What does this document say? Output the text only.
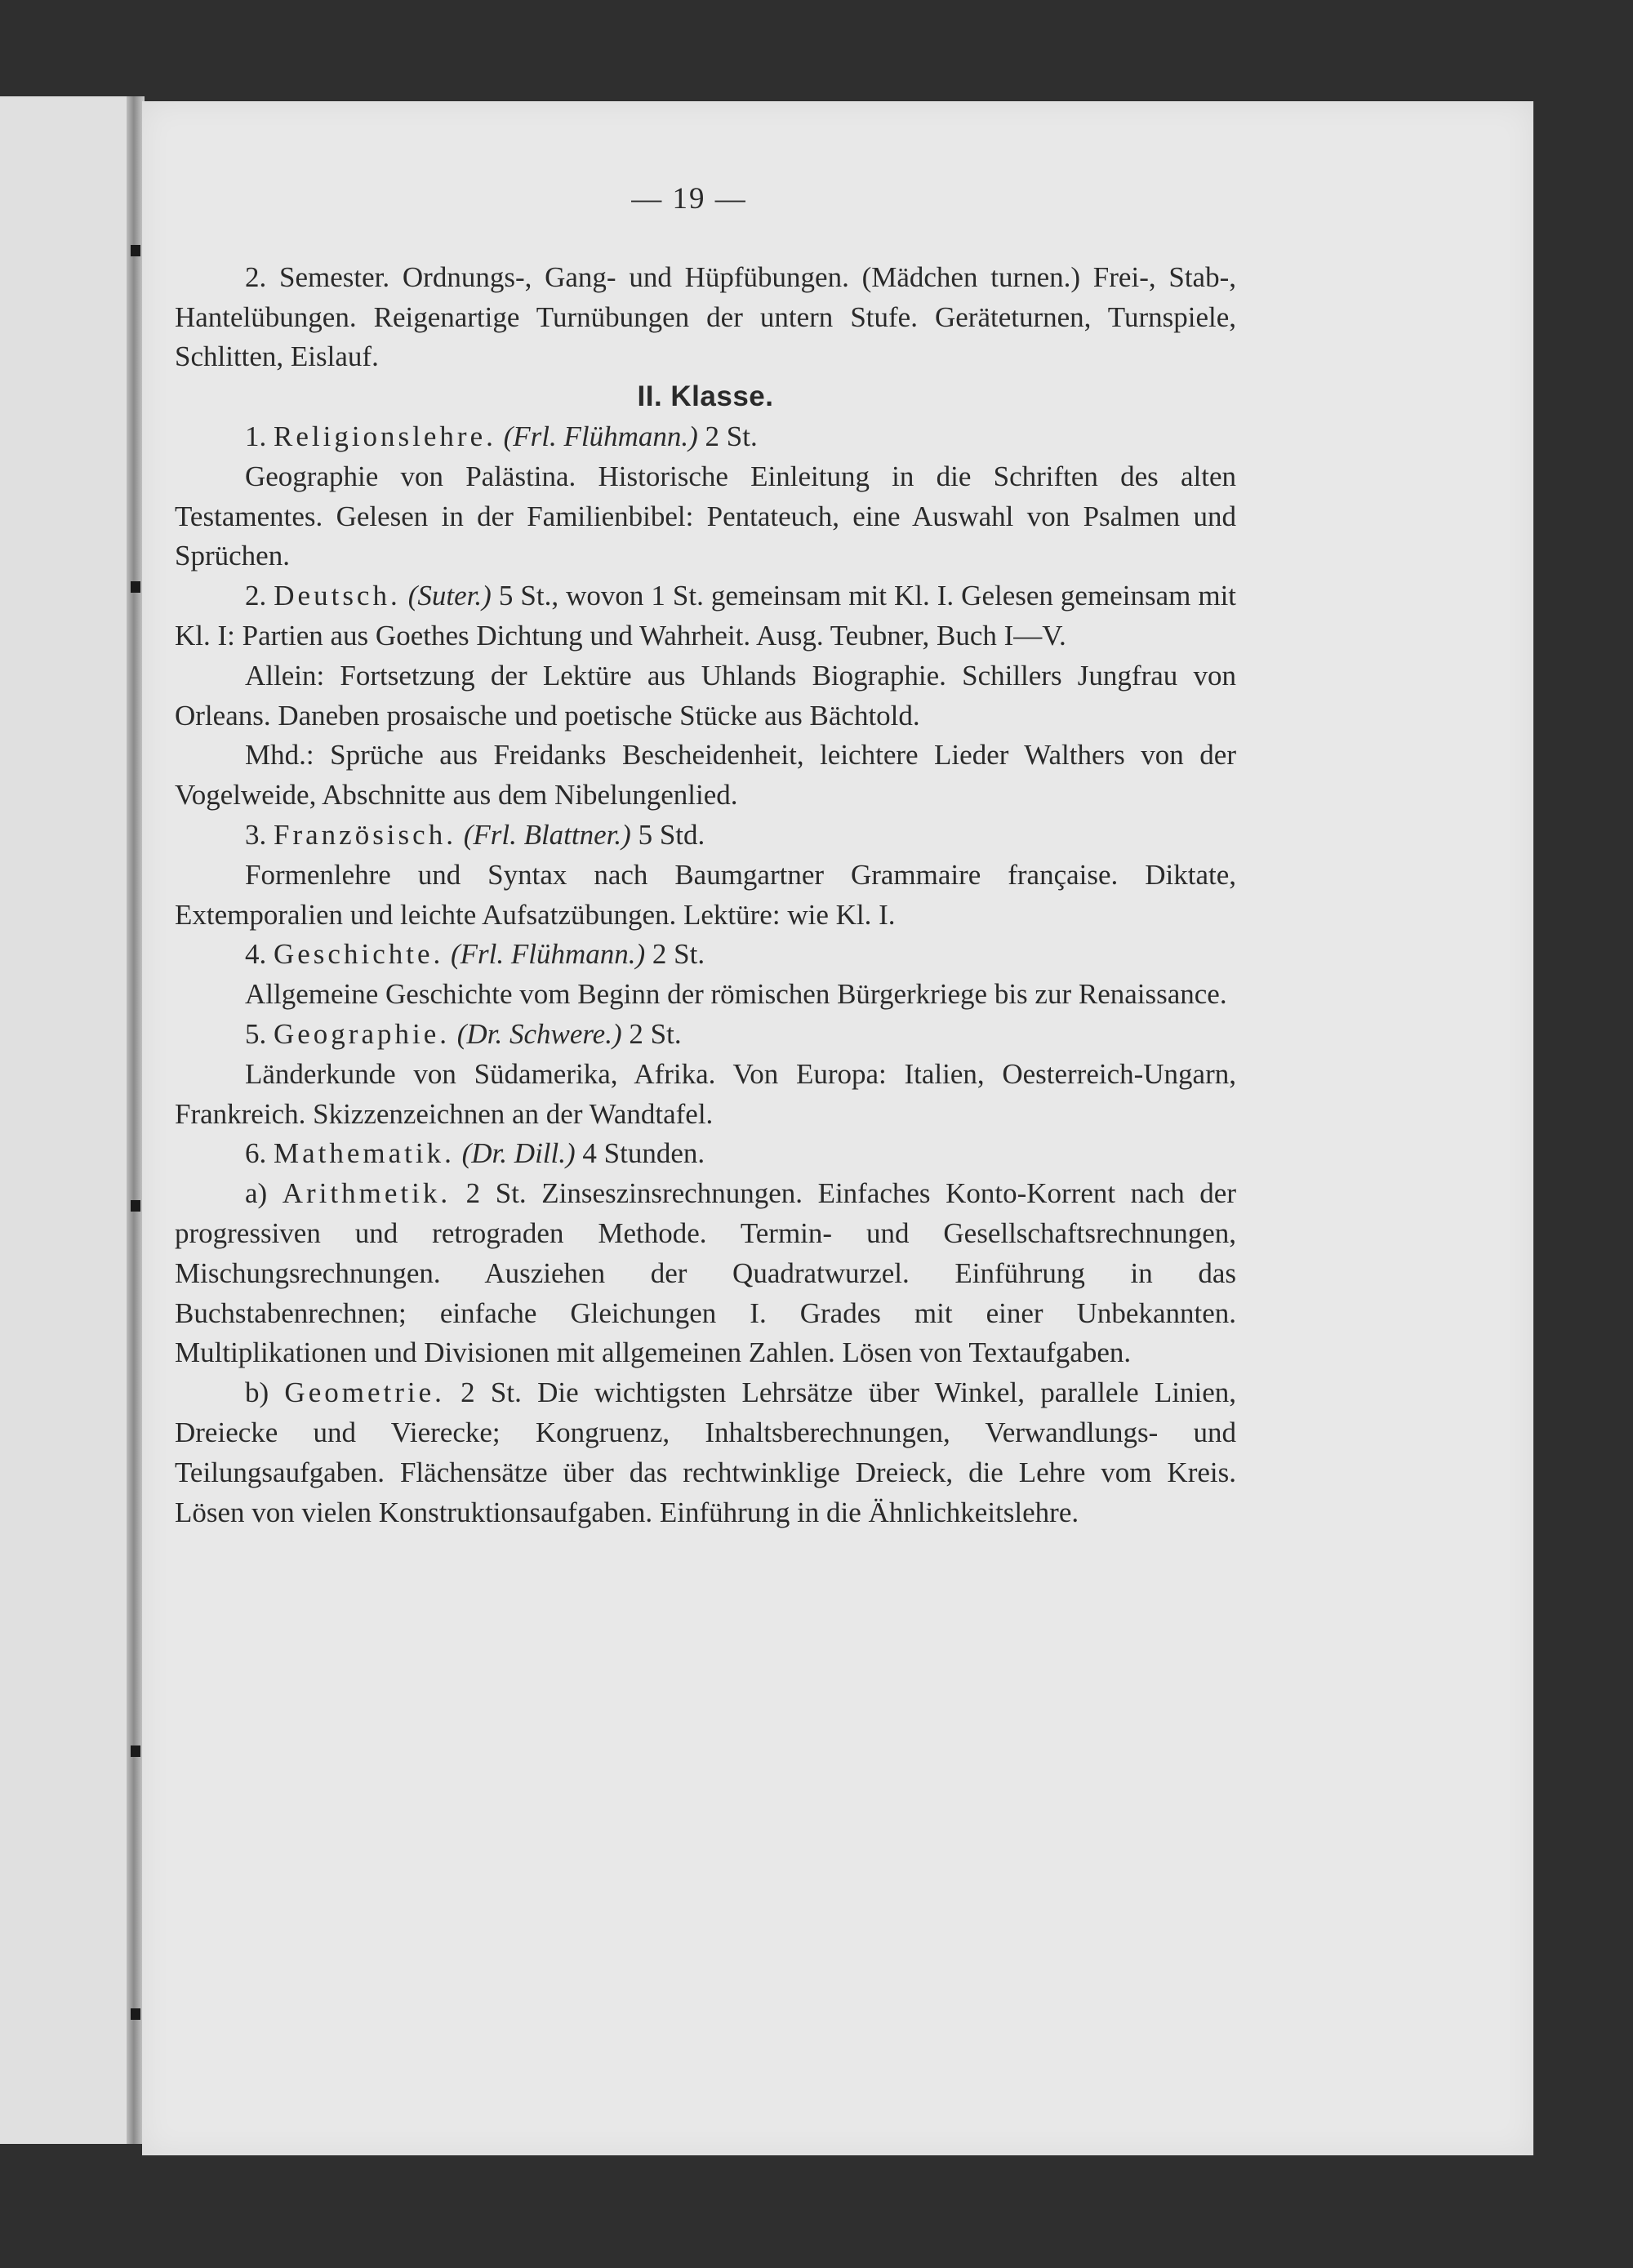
— 19 —

2. Semester. Ordnungs-, Gang- und Hüpfübungen. (Mädchen turnen.) Frei-, Stab-, Hantelübungen. Reigenartige Turnübungen der untern Stufe. Geräteturnen, Turnspiele, Schlitten, Eislauf.

II. Klasse.

1. Religionslehre. (Frl. Flühmann.) 2 St.

Geographie von Palästina. Historische Einleitung in die Schriften des alten Testamentes. Gelesen in der Familienbibel: Pentateuch, eine Auswahl von Psalmen und Sprüchen.

2. Deutsch. (Suter.) 5 St., wovon 1 St. gemeinsam mit Kl. I. Gelesen gemeinsam mit Kl. I: Partien aus Goethes Dichtung und Wahrheit. Ausg. Teubner, Buch I—V.

Allein: Fortsetzung der Lektüre aus Uhlands Biographie. Schillers Jungfrau von Orleans. Daneben prosaische und poetische Stücke aus Bächtold.

Mhd.: Sprüche aus Freidanks Bescheidenheit, leichtere Lieder Walthers von der Vogelweide, Abschnitte aus dem Nibelungenlied.

3. Französisch. (Frl. Blattner.) 5 Std.

Formenlehre und Syntax nach Baumgartner Grammaire française. Diktate, Extemporalien und leichte Aufsatzübungen. Lektüre: wie Kl. I.

4. Geschichte. (Frl. Flühmann.) 2 St.

Allgemeine Geschichte vom Beginn der römischen Bürgerkriege bis zur Renaissance.

5. Geographie. (Dr. Schwere.) 2 St.

Länderkunde von Südamerika, Afrika. Von Europa: Italien, Oesterreich-Ungarn, Frankreich. Skizzenzeichnen an der Wandtafel.

6. Mathematik. (Dr. Dill.) 4 Stunden.

a) Arithmetik. 2 St. Zinseszinsrechnungen. Einfaches Konto-Korrent nach der progressiven und retrograden Methode. Termin- und Gesellschaftsrechnungen, Mischungsrechnungen. Ausziehen der Quadratwurzel. Einführung in das Buchstabenrechnen; einfache Gleichungen I. Grades mit einer Unbekannten. Multiplikationen und Divisionen mit allgemeinen Zahlen. Lösen von Textaufgaben.

b) Geometrie. 2 St. Die wichtigsten Lehrsätze über Winkel, parallele Linien, Dreiecke und Vierecke; Kongruenz, Inhaltsberechnungen, Verwandlungs- und Teilungsaufgaben. Flächensätze über das rechtwinklige Dreieck, die Lehre vom Kreis. Lösen von vielen Konstruktionsaufgaben. Einführung in die Ähnlichkeitslehre.
